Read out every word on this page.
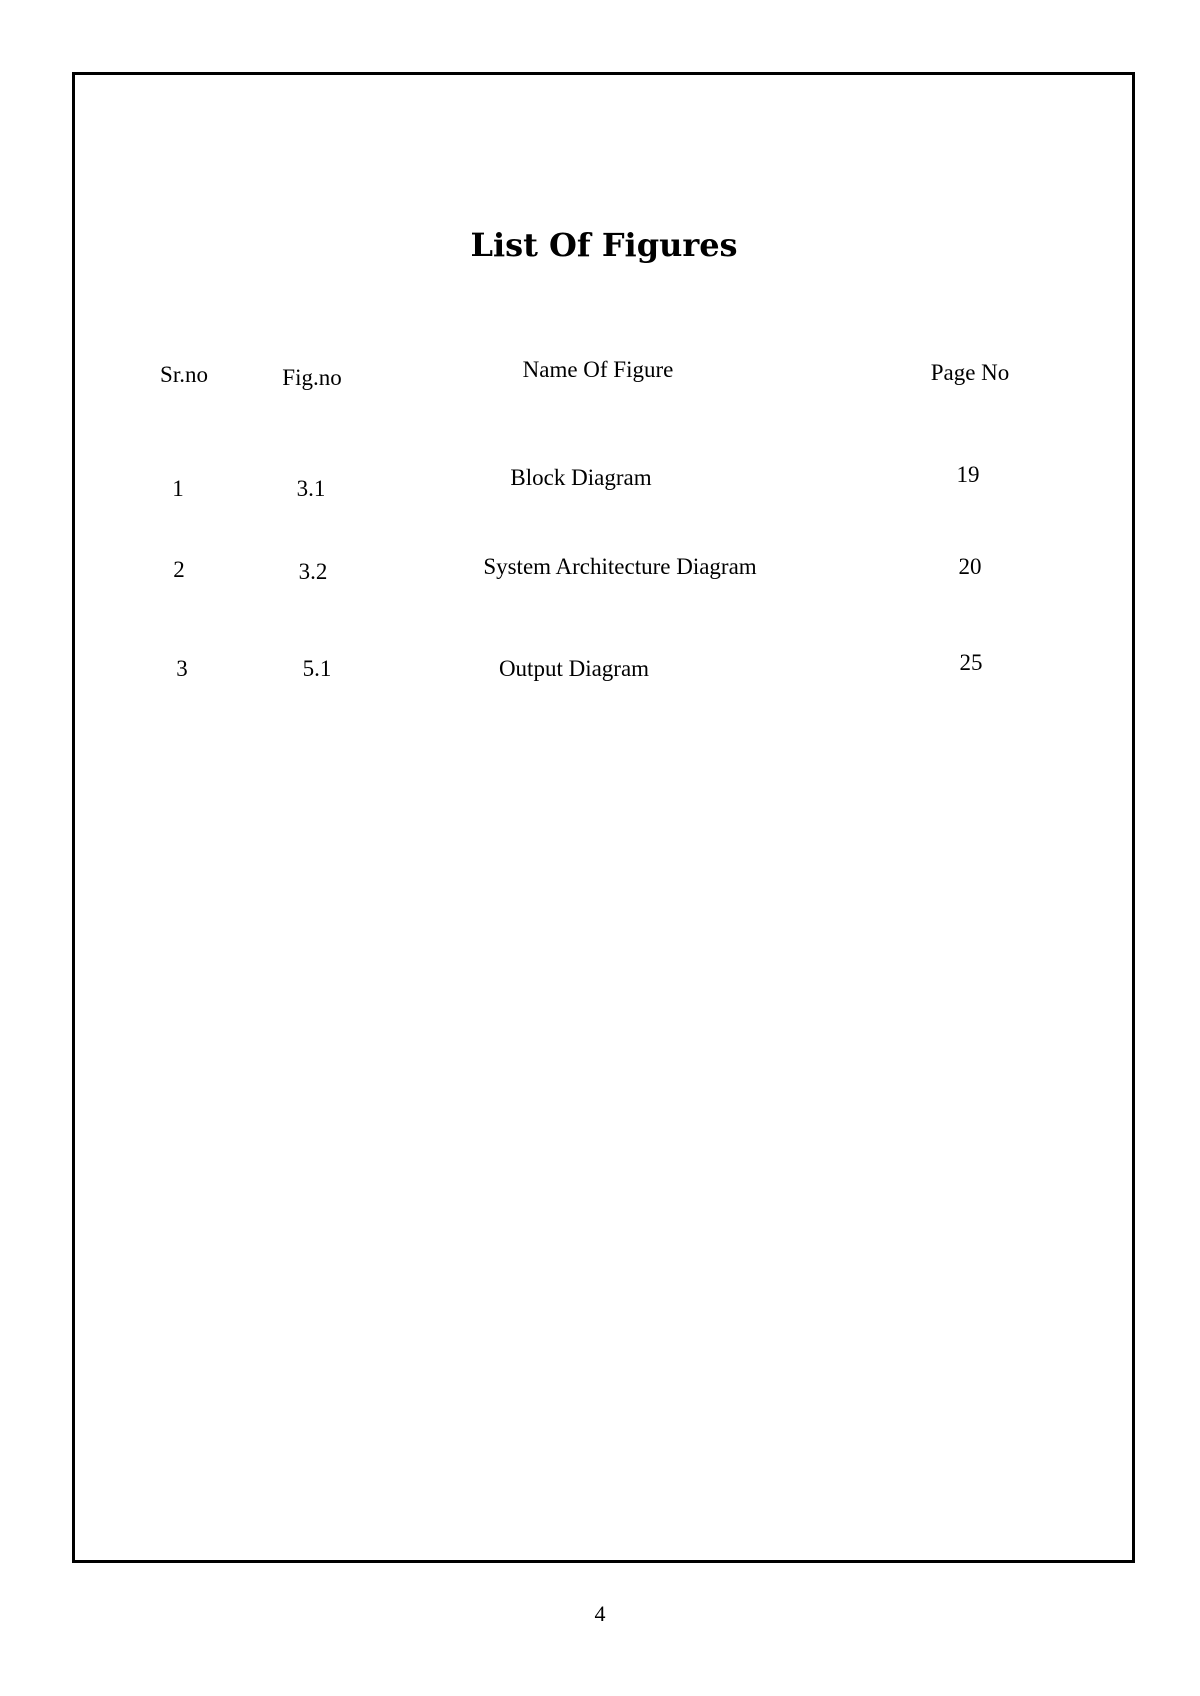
List Of Figures
Sr.no	Fig.no	Name Of Figure	Page No
1	3.1	Block Diagram	19
2	3.2	System Architecture Diagram	20
3	5.1	Output Diagram	25
4
